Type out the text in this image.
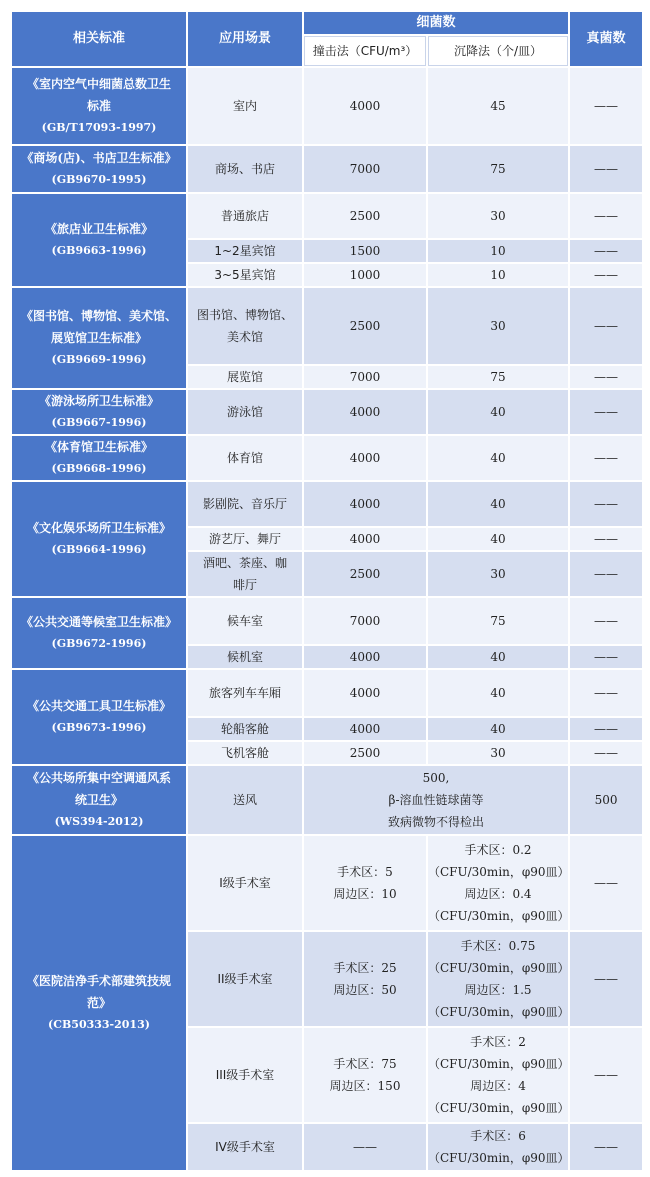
相关标准	应用场景	细菌数		真菌数
		撞击法（CFU/m³）	沉降法（个/皿）	

《室内空气中细菌总数卫生
标准
(GB/T17093-1997)	室内	4000	45	——

《商场(店)、书店卫生标准》
(GB9670-1995)	商场、书店	7000	75	——

《旅店业卫生标准》
(GB9663-1996)	普通旅店	2500	30	——

	1~2星宾馆	1500	10	——

	3~5星宾馆	1000	10	——

《图书馆、博物馆、美术馆、
展览馆卫生标准》
(GB9669-1996)	图书馆、博物馆、
美术馆	2500	30	——

	展览馆	7000	75	——

《游泳场所卫生标准》
(GB9667-1996)	游泳馆	4000	40	——

《体育馆卫生标准》
(GB9668-1996)	体育馆	4000	40	——

《文化娱乐场所卫生标准》
(GB9664-1996)	影剧院、音乐厅	4000	40	——

	游艺厅、舞厅	4000	40	——

	酒吧、茶座、咖
啡厅	2500	30	——

《公共交通等候室卫生标准》
(GB9672-1996)	候车室	7000	75	——

	候机室	4000	40	——

《公共交通工具卫生标准》
(GB9673-1996)	旅客列车车厢	4000	40	——

	轮船客舱	4000	40	——

	飞机客舱	2500	30	——

《公共场所集中空调通风系
统卫生》
(WS394-2012)	送风	500,
β-溶血性链球菌等
致病微物不得检出		500

《医院洁净手术部建筑技规
范》
(CB50333-2013)	I级手术室	手术区：5
周边区：10	手术区：0.2
（CFU/30min，φ90皿）
周边区：0.4
（CFU/30min，φ90皿）	——

	II级手术室	手术区：25
周边区：50	手术区：0.75
（CFU/30min，φ90皿）
周边区：1.5
（CFU/30min，φ90皿）	——

	III级手术室	手术区：75
周边区：150	手术区：2
（CFU/30min，φ90皿）
周边区：4
（CFU/30min，φ90皿）	——

	IV级手术室	——	手术区：6
（CFU/30min，φ90皿）	——
